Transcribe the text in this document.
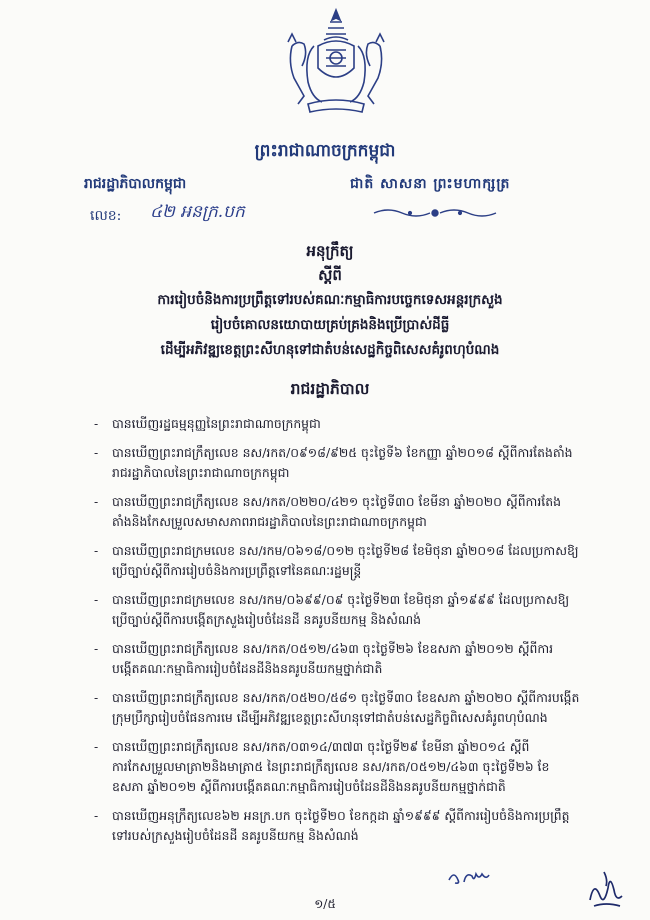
ព្រះរាជាណាចក្រកម្ពុជា
រាជរដ្ឋាភិបាលកម្ពុជា	ជាតិ សាសនា ព្រះមហាក្សត្រ
លេខ: ៤២ អនក្រ.បក
អនុក្រឹត្យ
ស្តីពី
ការរៀបចំនិងការប្រព្រឹត្តទៅរបស់គណៈកម្មាធិការបច្ចេកទេសអន្តរក្រសួង
រៀបចំគោលនយោបាយគ្រប់គ្រងនិងប្រើប្រាស់ដីធ្លី
ដើម្បីអភិវឌ្ឍខេត្តព្រះសីហនុទៅជាតំបន់សេដ្ឋកិច្ចពិសេសគំរូពហុបំណង
រាជរដ្ឋាភិបាល
-
បានឃើញរដ្ឋធម្មនុញ្ញនៃព្រះរាជាណាចក្រកម្ពុជា
-
បានឃើញព្រះរាជក្រឹត្យលេខ នស/រកត/០៩១៨/៩២៥ ចុះថ្ងៃទី៦ ខែកញ្ញា ឆ្នាំ២០១៨ ស្តីពីការតែងតាំងរាជរដ្ឋាភិបាលនៃព្រះរាជាណាចក្រកម្ពុជា
-
បានឃើញព្រះរាជក្រឹត្យលេខ នស/រកត/០២២០/៤២១ ចុះថ្ងៃទី៣០ ខែមីនា ឆ្នាំ២០២០ ស្តីពីការតែងតាំងនិងកែសម្រួលសមាសភាពរាជរដ្ឋាភិបាលនៃព្រះរាជាណាចក្រកម្ពុជា
-
បានឃើញព្រះរាជក្រមលេខ នស/រកម/០៦១៨/០១២ ចុះថ្ងៃទី២៨ ខែមិថុនា ឆ្នាំ២០១៨ ដែលប្រកាសឱ្យប្រើច្បាប់ស្តីពីការរៀបចំនិងការប្រព្រឹត្តទៅនៃគណៈរដ្ឋមន្ត្រី
-
បានឃើញព្រះរាជក្រមលេខ នស/រកម/០៦៩៩/០៩ ចុះថ្ងៃទី២៣ ខែមិថុនា ឆ្នាំ១៩៩៩ ដែលប្រកាសឱ្យប្រើច្បាប់ស្តីពីការបង្កើតក្រសួងរៀបចំដែនដី នគរូបនីយកម្ម និងសំណង់
-
បានឃើញព្រះរាជក្រឹត្យលេខ នស/រកត/០៥១២/៤៦៣ ចុះថ្ងៃទី២៦ ខែឧសភា ឆ្នាំ២០១២ ស្តីពីការបង្កើតគណៈកម្មាធិការរៀបចំដែនដីនិងនគរូបនីយកម្មថ្នាក់ជាតិ
-
បានឃើញព្រះរាជក្រឹត្យលេខ នស/រកត/០៥២០/៥៨១ ចុះថ្ងៃទី៣០ ខែឧសភា ឆ្នាំ២០២០ ស្តីពីការបង្កើតក្រុមប្រឹក្សារៀបចំផែនការមេ ដើម្បីអភិវឌ្ឍខេត្តព្រះសីហនុទៅជាតំបន់សេដ្ឋកិច្ចពិសេសគំរូពហុបំណង
-
បានឃើញព្រះរាជក្រឹត្យលេខ នស/រកត/០៣១៤/៣៧៣ ចុះថ្ងៃទី២៩ ខែមីនា ឆ្នាំ២០១៤ ស្តីពីការកែសម្រួលមាត្រា២និងមាត្រា៥ នៃព្រះរាជក្រឹត្យលេខ នស/រកត/០៥១២/៤៦៣ ចុះថ្ងៃទី២៦ ខែឧសភា ឆ្នាំ២០១២ ស្តីពីការបង្កើតគណៈកម្មាធិការរៀបចំដែនដីនិងនគរូបនីយកម្មថ្នាក់ជាតិ
-
បានឃើញអនុក្រឹត្យលេខ៦២ អនក្រ.បក ចុះថ្ងៃទី២០ ខែកក្កដា ឆ្នាំ១៩៩៩ ស្តីពីការរៀបចំនិងការប្រព្រឹត្តទៅរបស់ក្រសួងរៀបចំដែនដី នគរូបនីយកម្ម និងសំណង់
១/៥
